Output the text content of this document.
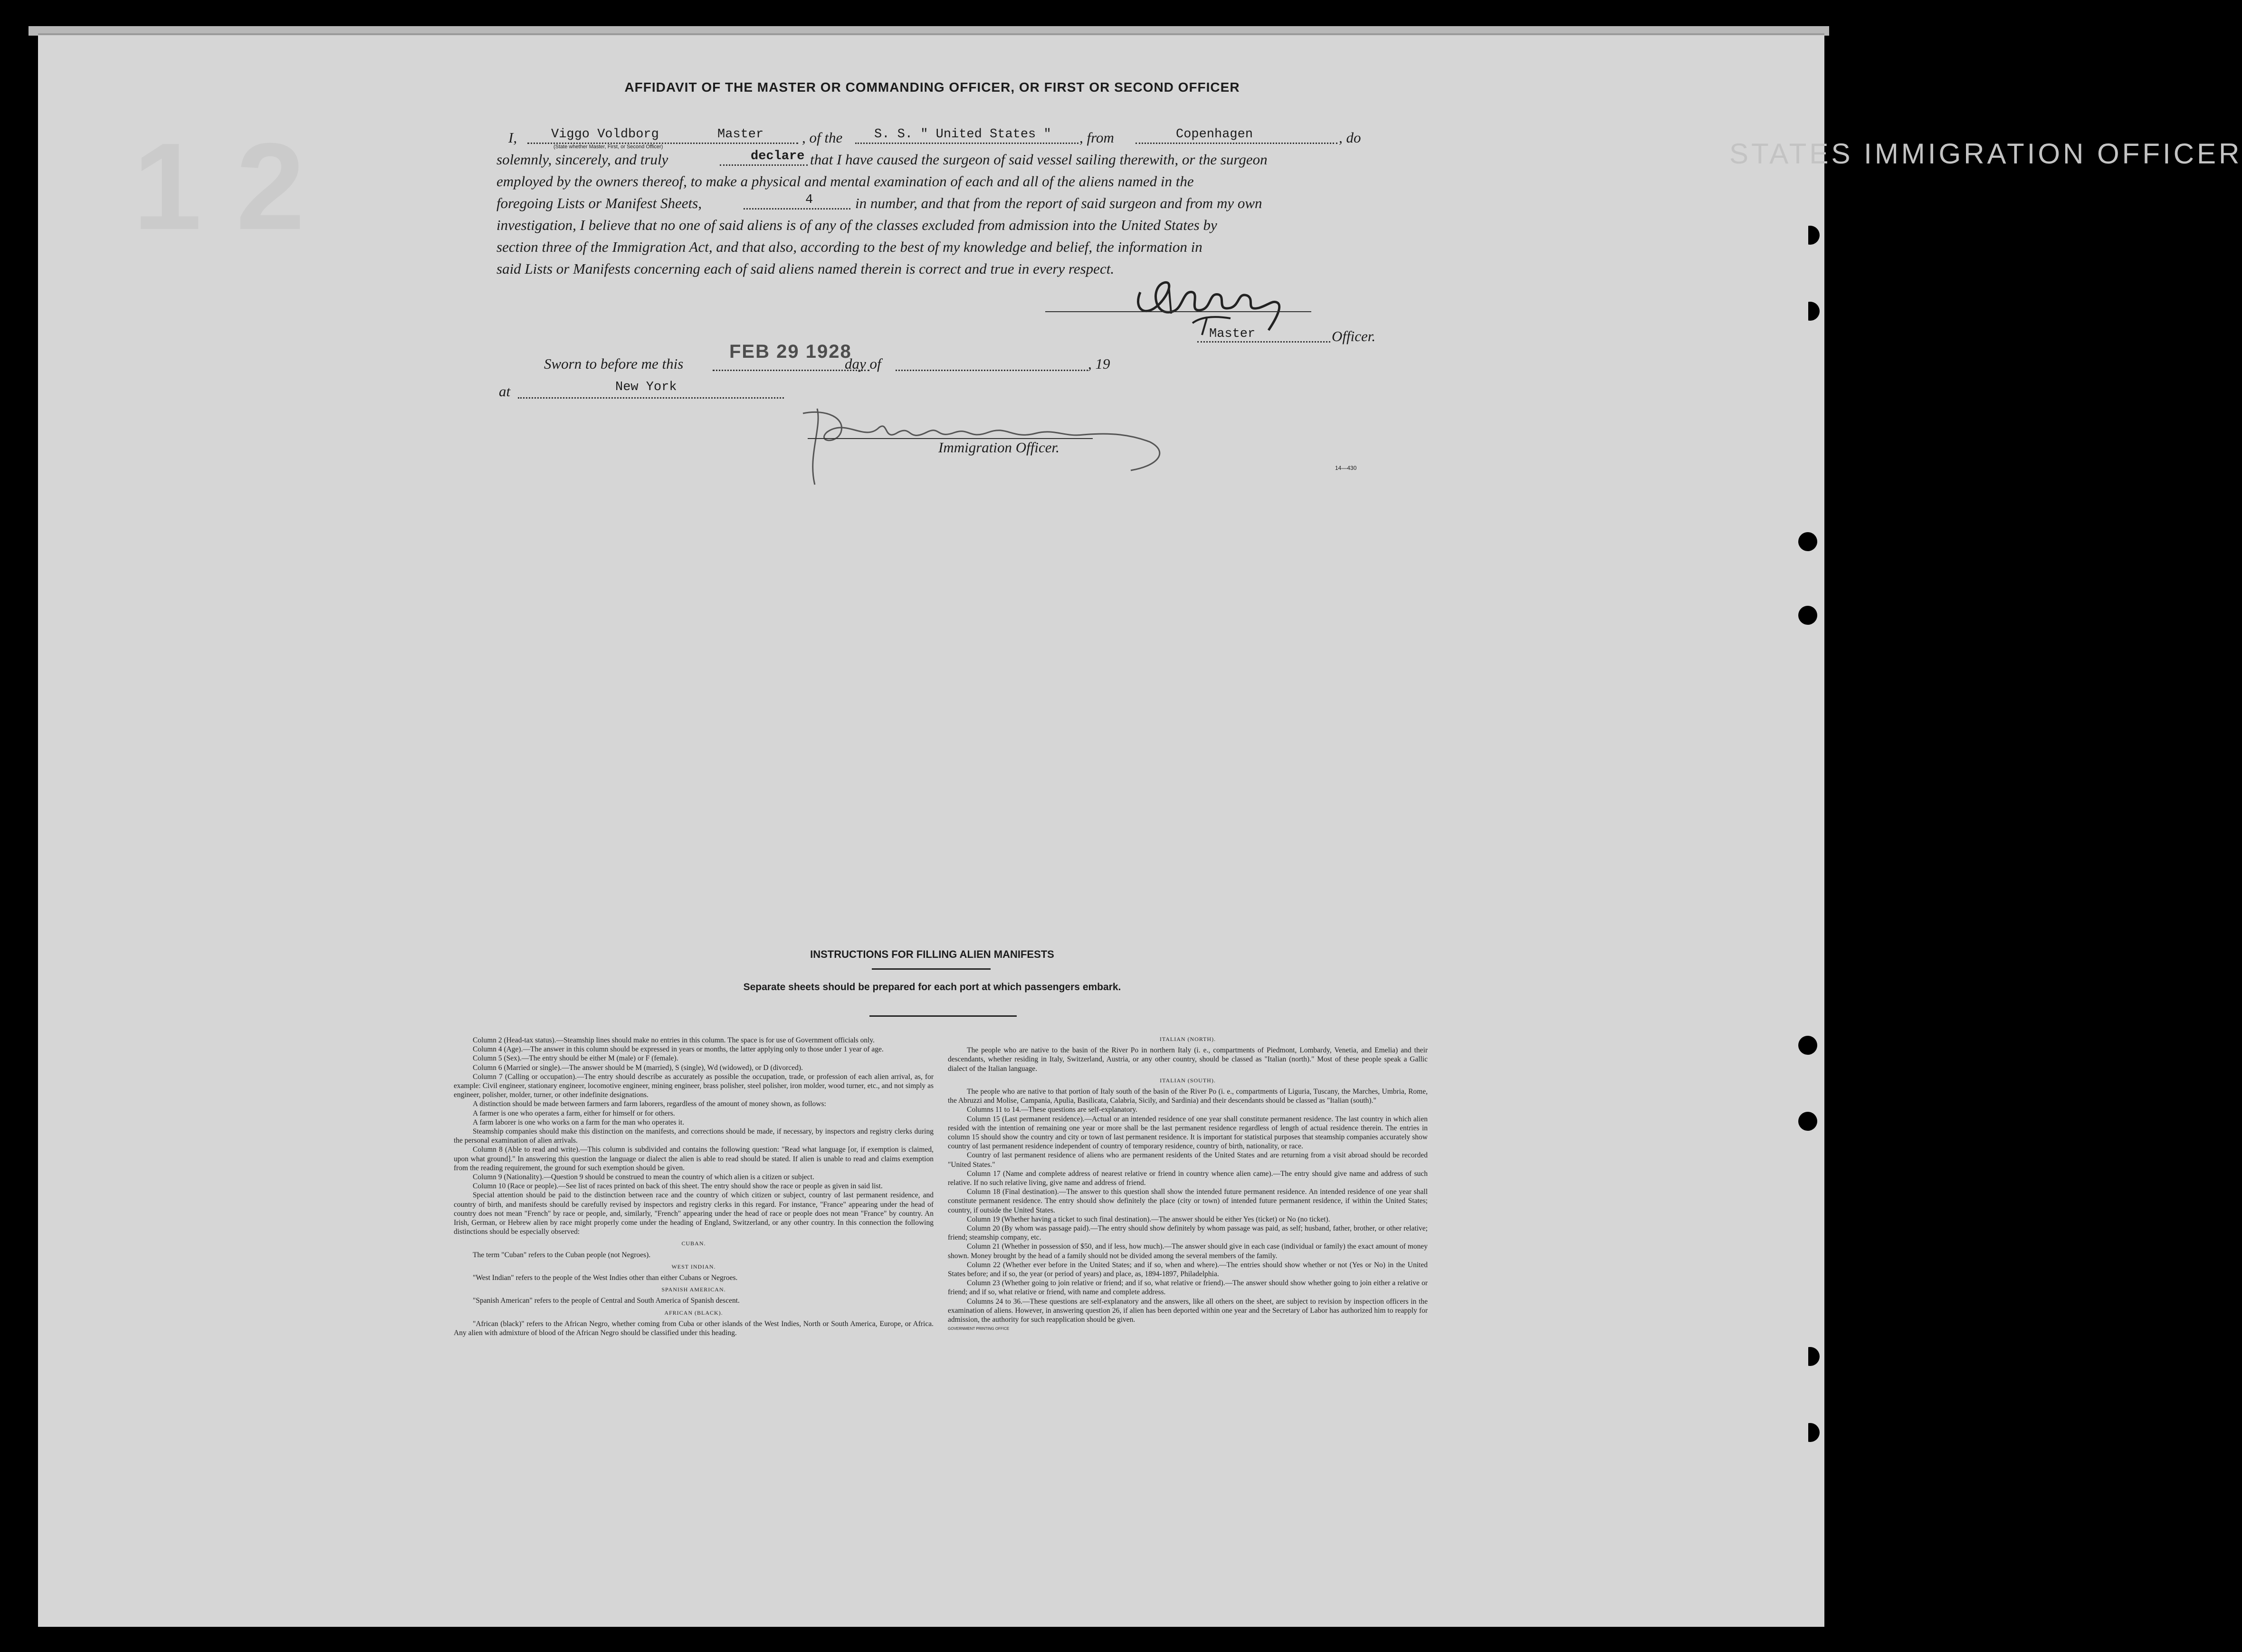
1 2	STATES IMMIGRATION OFFICER
AFFIDAVIT OF THE MASTER OR COMMANDING OFFICER, OR FIRST OR SECOND OFFICER
I,	Viggo Voldborg	Master
(State whether Master, First, or Second Officer)
, of the S. S. " United States " , from	Copenhagen	, do
solemnly, sincerely, and truly	declare that I have caused the surgeon of said vessel sailing therewith, or the surgeon
employed by the owners thereof, to make a physical and mental examination of each and all of the aliens named in the
foregoing Lists or Manifest Sheets,	4	in number, and that from the report of said surgeon and from my own
investigation, I believe that no one of said aliens is of any of the classes excluded from admission into the United States by
section three of the Immigration Act, and that also, according to the best of my knowledge and belief, the information in
said Lists or Manifests concerning each of said aliens named therein is correct and true in every respect.
Master	Officer.
Sworn to before me this
FEB 29 1928
day of	, 19
at	New York
Immigration Officer.
14—430
INSTRUCTIONS FOR FILLING ALIEN MANIFESTS
Separate sheets should be prepared for each port at which passengers embark.

Column 2 (Head-tax status).—Steamship lines should make no entries in this column. The space is for use of Government officials only.

Column 4 (Age).—The answer in this column should be expressed in years or months, the latter applying only to those under 1 year of age.

Column 5 (Sex).—The entry should be either M (male) or F (female).

Column 6 (Married or single).—The answer should be M (married), S (single), Wd (widowed), or D (divorced).

Column 7 (Calling or occupation).—The entry should describe as accurately as possible the occupation, trade, or profession of each alien arrival, as, for example: Civil engineer, stationary engineer, locomotive engineer, mining engineer, brass polisher, steel polisher, iron molder, wood turner, etc., and not simply as engineer, polisher, molder, turner, or other indefinite designations.

A distinction should be made between farmers and farm laborers, regardless of the amount of money shown, as follows:

A farmer is one who operates a farm, either for himself or for others.

A farm laborer is one who works on a farm for the man who operates it.

Steamship companies should make this distinction on the manifests, and corrections should be made, if necessary, by inspectors and registry clerks during the personal examination of alien arrivals.

Column 8 (Able to read and write).—This column is subdivided and contains the following question: "Read what language [or, if exemption is claimed, upon what ground]." In answering this question the language or dialect the alien is able to read should be stated. If alien is unable to read and claims exemption from the reading requirement, the ground for such exemption should be given.

Column 9 (Nationality).—Question 9 should be construed to mean the country of which alien is a citizen or subject.

Column 10 (Race or people).—See list of races printed on back of this sheet. The entry should show the race or people as given in said list.

Special attention should be paid to the distinction between race and the country of which citizen or subject, country of last permanent residence, and country of birth, and manifests should be carefully revised by inspectors and registry clerks in this regard. For instance, "France" appearing under the head of country does not mean "French" by race or people, and, similarly, "French" appearing under the head of race or people does not mean "France" by country. An Irish, German, or Hebrew alien by race might properly come under the heading of England, Switzerland, or any other country. In this connection the following distinctions should be especially observed:

CUBAN.

The term "Cuban" refers to the Cuban people (not Negroes).

WEST INDIAN.

"West Indian" refers to the people of the West Indies other than either Cubans or Negroes.

SPANISH AMERICAN.

"Spanish American" refers to the people of Central and South America of Spanish descent.

AFRICAN (BLACK).

"African (black)" refers to the African Negro, whether coming from Cuba or other islands of the West Indies, North or South America, Europe, or Africa. Any alien with admixture of blood of the African Negro should be classified under this heading.

ITALIAN (NORTH).

The people who are native to the basin of the River Po in northern Italy (i. e., compartments of Piedmont, Lombardy, Venetia, and Emelia) and their descendants, whether residing in Italy, Switzerland, Austria, or any other country, should be classed as "Italian (north)." Most of these people speak a Gallic dialect of the Italian language.

ITALIAN (SOUTH).

The people who are native to that portion of Italy south of the basin of the River Po (i. e., compartments of Liguria, Tuscany, the Marches, Umbria, Rome, the Abruzzi and Molise, Campania, Apulia, Basilicata, Calabria, Sicily, and Sardinia) and their descendants should be classed as "Italian (south)."

Columns 11 to 14.—These questions are self-explanatory.

Column 15 (Last permanent residence).—Actual or an intended residence of one year shall constitute permanent residence. The last country in which alien resided with the intention of remaining one year or more shall be the last permanent residence regardless of length of actual residence therein. The entries in column 15 should show the country and city or town of last permanent residence. It is important for statistical purposes that steamship companies accurately show country of last permanent residence independent of country of temporary residence, country of birth, nationality, or race.

Country of last permanent residence of aliens who are permanent residents of the United States and are returning from a visit abroad should be recorded "United States."

Column 17 (Name and complete address of nearest relative or friend in country whence alien came).—The entry should give name and address of such relative. If no such relative living, give name and address of friend.

Column 18 (Final destination).—The answer to this question shall show the intended future permanent residence. An intended residence of one year shall constitute permanent residence. The entry should show definitely the place (city or town) of intended future permanent residence, if within the United States; country, if outside the United States.

Column 19 (Whether having a ticket to such final destination).—The answer should be either Yes (ticket) or No (no ticket).

Column 20 (By whom was passage paid).—The entry should show definitely by whom passage was paid, as self; husband, father, brother, or other relative; friend; steamship company, etc.

Column 21 (Whether in possession of $50, and if less, how much).—The answer should give in each case (individual or family) the exact amount of money shown. Money brought by the head of a family should not be divided among the several members of the family.

Column 22 (Whether ever before in the United States; and if so, when and where).—The entries should show whether or not (Yes or No) in the United States before; and if so, the year (or period of years) and place, as, 1894-1897, Philadelphia.

Column 23 (Whether going to join relative or friend; and if so, what relative or friend).—The answer should show whether going to join either a relative or friend; and if so, what relative or friend, with name and complete address.

Columns 24 to 36.—These questions are self-explanatory and the answers, like all others on the sheet, are subject to revision by inspection officers in the examination of aliens. However, in answering question 26, if alien has been deported within one year and the Secretary of Labor has authorized him to reapply for admission, the authority for such reapplication should be given.

GOVERNMENT PRINTING OFFICE
